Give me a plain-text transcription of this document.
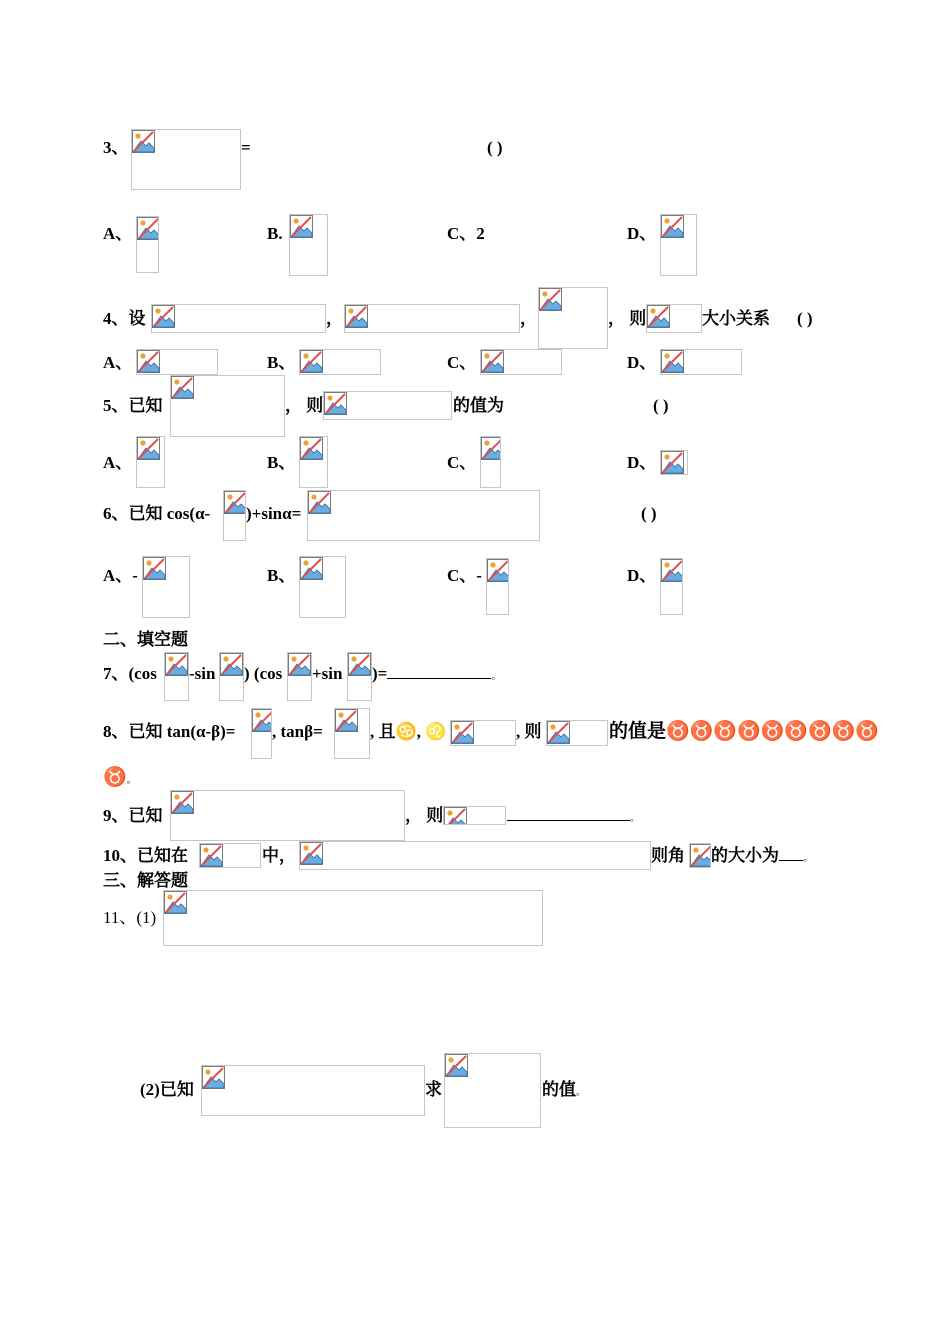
3、	=	( )
A、	B.	C、2	D、
4、设	，	，	， 则	大小关系 ( )
A、	B、	C、	D、
5、已知	， 则	的值为	( )
A、	B、	C、	D、
6、已知 cos(α- )+sinα=	( )
A、-	B、	C、-	D、
二、填空题
7、(cos -sin ) (cos +sin )=	。
8、已知 tan(α-β)= , tanβ=	, 且♋, ♌	, 则	的值是♉♉♉♉♉♉♉♉♉
♉。
9、已知	， 则	。
10、已知在	中，	则角 的大小为 。
三、解答题
11、(1)
(2)已知	求	的值。
